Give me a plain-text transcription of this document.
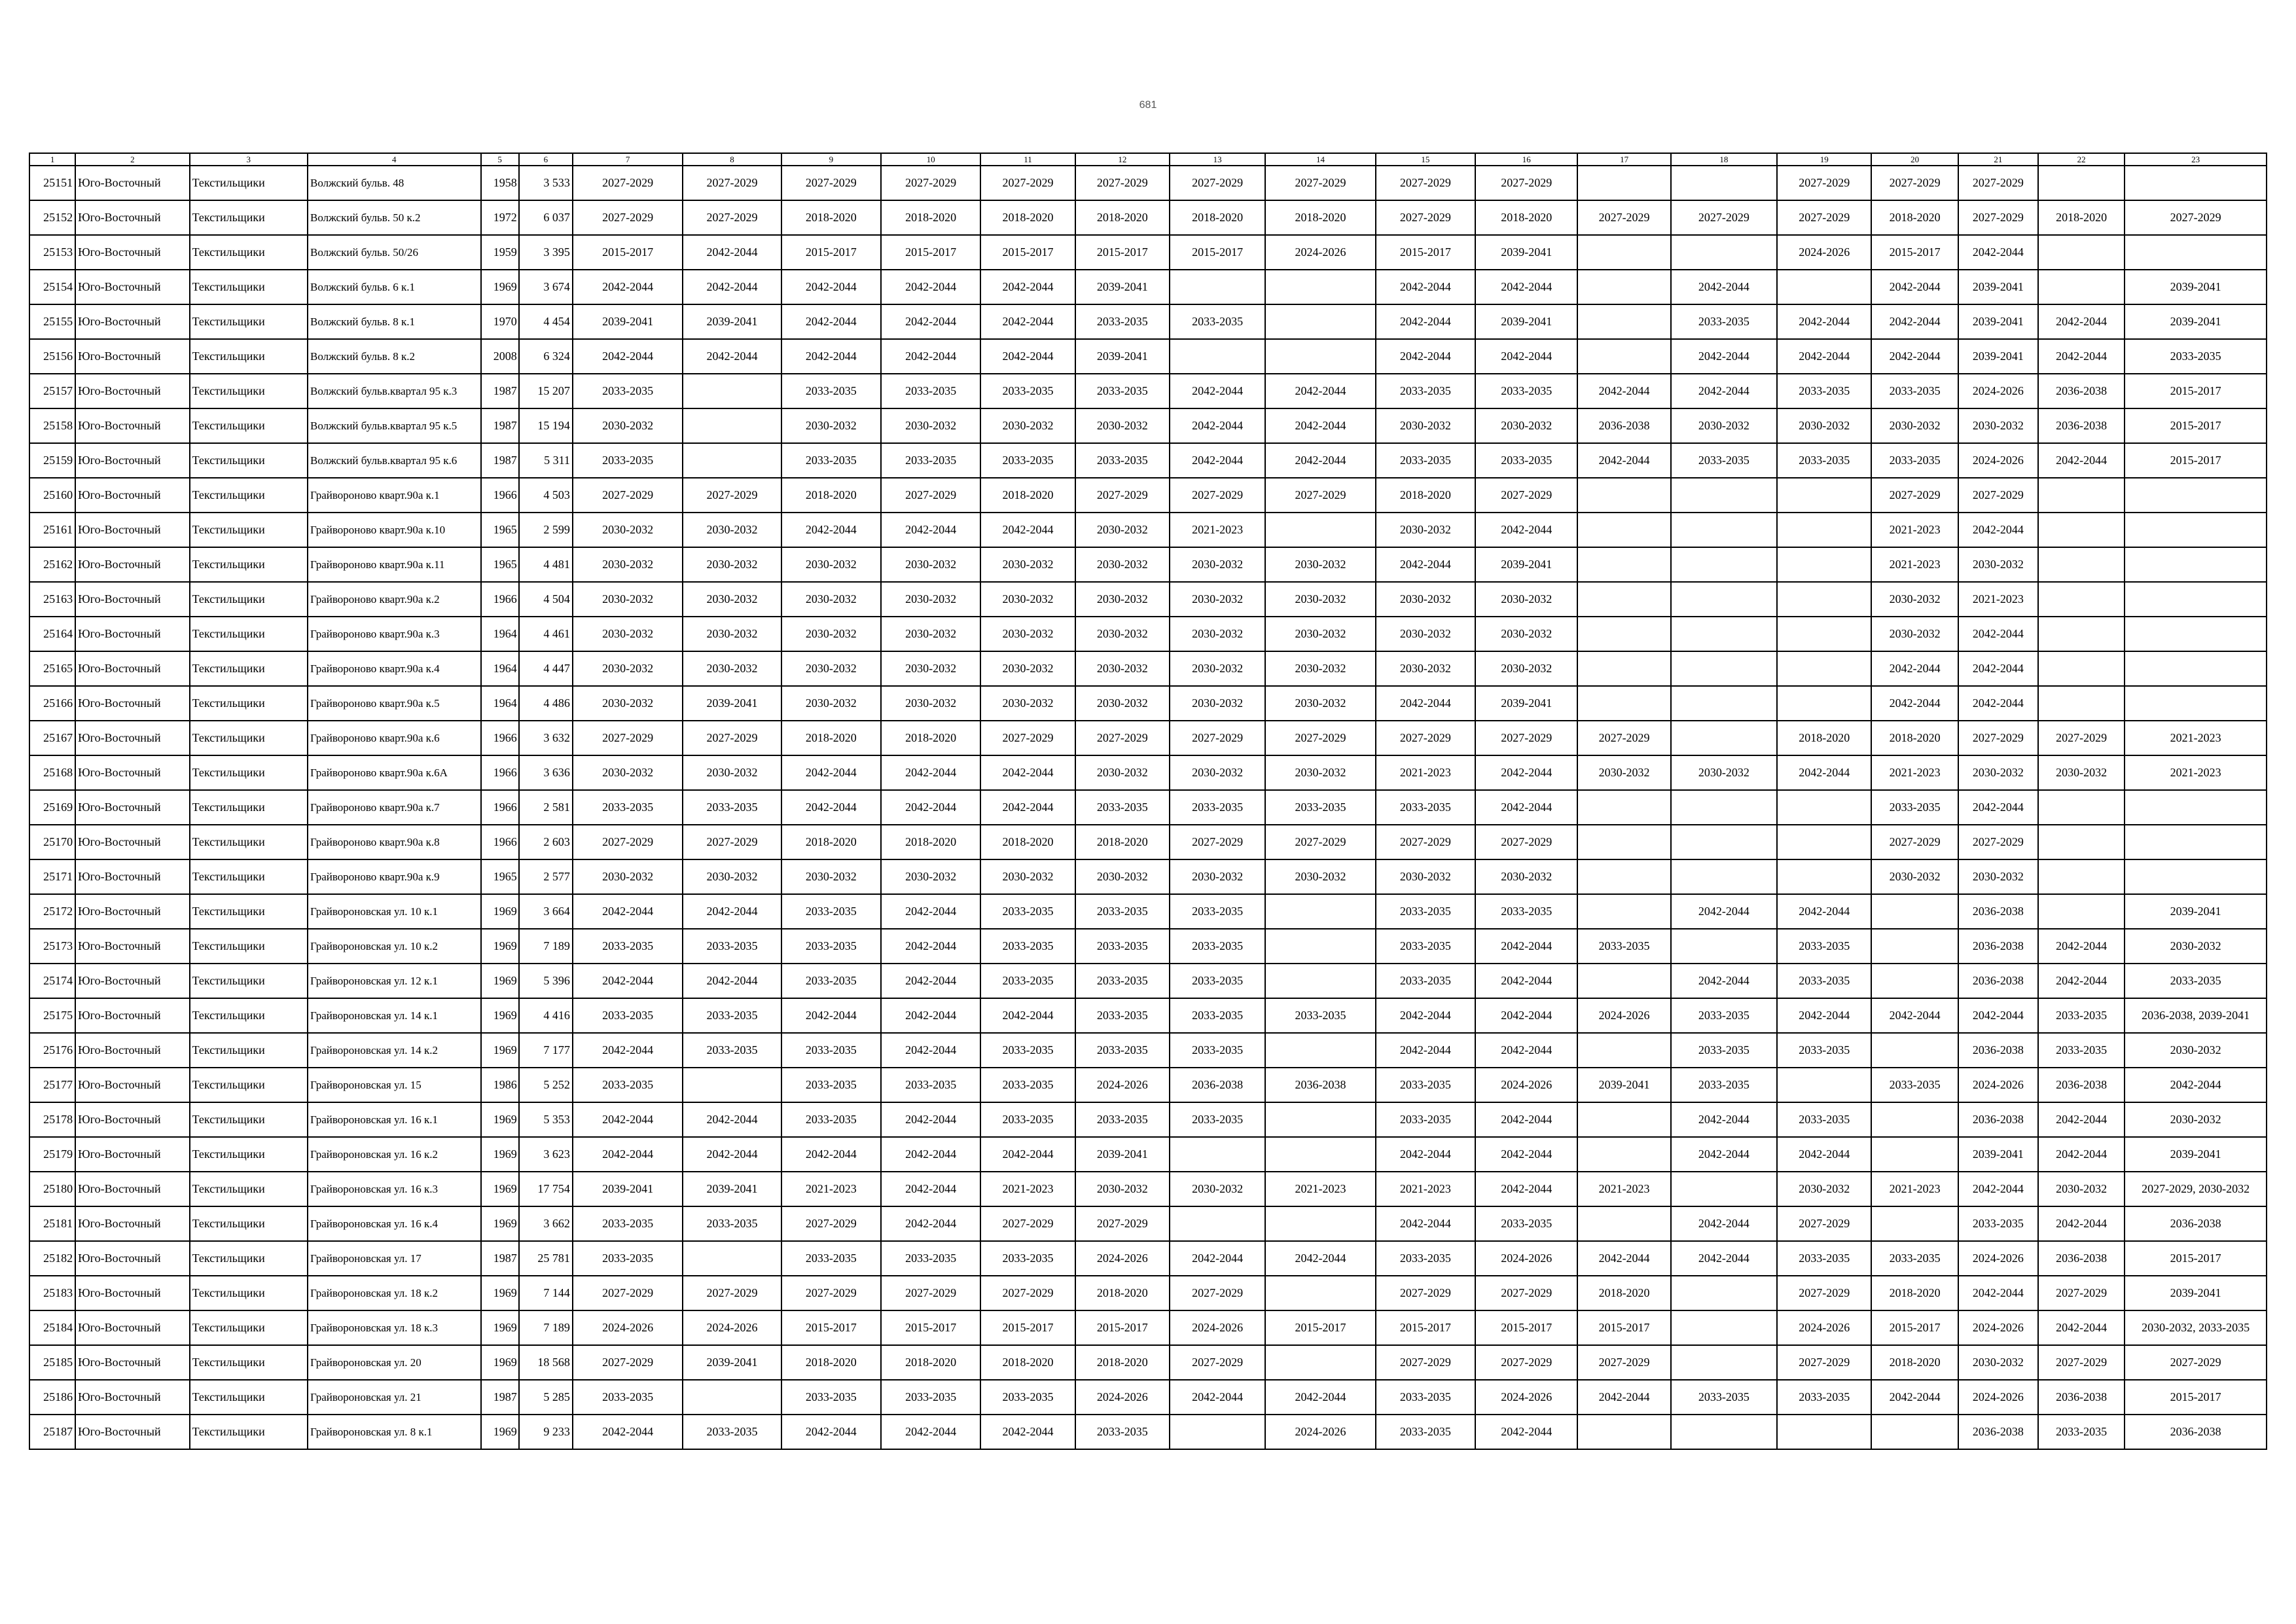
681
1	2	3	4	5	6	7	8	9	10	11	12	13	14	15	16	17	18	19	20	21	22	23
25151	Юго-Восточный	Текстильщики	Волжский бульв. 48	1958	3 533	2027-2029	2027-2029	2027-2029	2027-2029	2027-2029	2027-2029	2027-2029	2027-2029	2027-2029	2027-2029			2027-2029	2027-2029	2027-2029		
25152	Юго-Восточный	Текстильщики	Волжский бульв. 50 к.2	1972	6 037	2027-2029	2027-2029	2018-2020	2018-2020	2018-2020	2018-2020	2018-2020	2018-2020	2027-2029	2018-2020	2027-2029	2027-2029	2027-2029	2018-2020	2027-2029	2018-2020	2027-2029
25153	Юго-Восточный	Текстильщики	Волжский бульв. 50/26	1959	3 395	2015-2017	2042-2044	2015-2017	2015-2017	2015-2017	2015-2017	2015-2017	2024-2026	2015-2017	2039-2041			2024-2026	2015-2017	2042-2044		
25154	Юго-Восточный	Текстильщики	Волжский бульв. 6 к.1	1969	3 674	2042-2044	2042-2044	2042-2044	2042-2044	2042-2044	2039-2041			2042-2044	2042-2044		2042-2044		2042-2044	2039-2041		2039-2041
25155	Юго-Восточный	Текстильщики	Волжский бульв. 8 к.1	1970	4 454	2039-2041	2039-2041	2042-2044	2042-2044	2042-2044	2033-2035	2033-2035		2042-2044	2039-2041		2033-2035	2042-2044	2042-2044	2039-2041	2042-2044	2039-2041
25156	Юго-Восточный	Текстильщики	Волжский бульв. 8 к.2	2008	6 324	2042-2044	2042-2044	2042-2044	2042-2044	2042-2044	2039-2041			2042-2044	2042-2044		2042-2044	2042-2044	2042-2044	2039-2041	2042-2044	2033-2035
25157	Юго-Восточный	Текстильщики	Волжский бульв.квартал 95 к.3	1987	15 207	2033-2035		2033-2035	2033-2035	2033-2035	2033-2035	2042-2044	2042-2044	2033-2035	2033-2035	2042-2044	2042-2044	2033-2035	2033-2035	2024-2026	2036-2038	2015-2017
25158	Юго-Восточный	Текстильщики	Волжский бульв.квартал 95 к.5	1987	15 194	2030-2032		2030-2032	2030-2032	2030-2032	2030-2032	2042-2044	2042-2044	2030-2032	2030-2032	2036-2038	2030-2032	2030-2032	2030-2032	2030-2032	2036-2038	2015-2017
25159	Юго-Восточный	Текстильщики	Волжский бульв.квартал 95 к.6	1987	5 311	2033-2035		2033-2035	2033-2035	2033-2035	2033-2035	2042-2044	2042-2044	2033-2035	2033-2035	2042-2044	2033-2035	2033-2035	2033-2035	2024-2026	2042-2044	2015-2017
25160	Юго-Восточный	Текстильщики	Грайвороново кварт.90а к.1	1966	4 503	2027-2029	2027-2029	2018-2020	2027-2029	2018-2020	2027-2029	2027-2029	2027-2029	2018-2020	2027-2029				2027-2029	2027-2029		
25161	Юго-Восточный	Текстильщики	Грайвороново кварт.90а к.10	1965	2 599	2030-2032	2030-2032	2042-2044	2042-2044	2042-2044	2030-2032	2021-2023		2030-2032	2042-2044				2021-2023	2042-2044		
25162	Юго-Восточный	Текстильщики	Грайвороново кварт.90а к.11	1965	4 481	2030-2032	2030-2032	2030-2032	2030-2032	2030-2032	2030-2032	2030-2032	2030-2032	2042-2044	2039-2041				2021-2023	2030-2032		
25163	Юго-Восточный	Текстильщики	Грайвороново кварт.90а к.2	1966	4 504	2030-2032	2030-2032	2030-2032	2030-2032	2030-2032	2030-2032	2030-2032	2030-2032	2030-2032	2030-2032				2030-2032	2021-2023		
25164	Юго-Восточный	Текстильщики	Грайвороново кварт.90а к.3	1964	4 461	2030-2032	2030-2032	2030-2032	2030-2032	2030-2032	2030-2032	2030-2032	2030-2032	2030-2032	2030-2032				2030-2032	2042-2044		
25165	Юго-Восточный	Текстильщики	Грайвороново кварт.90а к.4	1964	4 447	2030-2032	2030-2032	2030-2032	2030-2032	2030-2032	2030-2032	2030-2032	2030-2032	2030-2032	2030-2032				2042-2044	2042-2044		
25166	Юго-Восточный	Текстильщики	Грайвороново кварт.90а к.5	1964	4 486	2030-2032	2039-2041	2030-2032	2030-2032	2030-2032	2030-2032	2030-2032	2030-2032	2042-2044	2039-2041				2042-2044	2042-2044		
25167	Юго-Восточный	Текстильщики	Грайвороново кварт.90а к.6	1966	3 632	2027-2029	2027-2029	2018-2020	2018-2020	2027-2029	2027-2029	2027-2029	2027-2029	2027-2029	2027-2029	2027-2029		2018-2020	2018-2020	2027-2029	2027-2029	2021-2023
25168	Юго-Восточный	Текстильщики	Грайвороново кварт.90а к.6А	1966	3 636	2030-2032	2030-2032	2042-2044	2042-2044	2042-2044	2030-2032	2030-2032	2030-2032	2021-2023	2042-2044	2030-2032	2030-2032	2042-2044	2021-2023	2030-2032	2030-2032	2021-2023
25169	Юго-Восточный	Текстильщики	Грайвороново кварт.90а к.7	1966	2 581	2033-2035	2033-2035	2042-2044	2042-2044	2042-2044	2033-2035	2033-2035	2033-2035	2033-2035	2042-2044				2033-2035	2042-2044		
25170	Юго-Восточный	Текстильщики	Грайвороново кварт.90а к.8	1966	2 603	2027-2029	2027-2029	2018-2020	2018-2020	2018-2020	2018-2020	2027-2029	2027-2029	2027-2029	2027-2029				2027-2029	2027-2029		
25171	Юго-Восточный	Текстильщики	Грайвороново кварт.90а к.9	1965	2 577	2030-2032	2030-2032	2030-2032	2030-2032	2030-2032	2030-2032	2030-2032	2030-2032	2030-2032	2030-2032				2030-2032	2030-2032		
25172	Юго-Восточный	Текстильщики	Грайвороновская ул. 10 к.1	1969	3 664	2042-2044	2042-2044	2033-2035	2042-2044	2033-2035	2033-2035	2033-2035		2033-2035	2033-2035		2042-2044	2042-2044		2036-2038		2039-2041
25173	Юго-Восточный	Текстильщики	Грайвороновская ул. 10 к.2	1969	7 189	2033-2035	2033-2035	2033-2035	2042-2044	2033-2035	2033-2035	2033-2035		2033-2035	2042-2044	2033-2035		2033-2035		2036-2038	2042-2044	2030-2032
25174	Юго-Восточный	Текстильщики	Грайвороновская ул. 12 к.1	1969	5 396	2042-2044	2042-2044	2033-2035	2042-2044	2033-2035	2033-2035	2033-2035		2033-2035	2042-2044		2042-2044	2033-2035		2036-2038	2042-2044	2033-2035
25175	Юго-Восточный	Текстильщики	Грайвороновская ул. 14 к.1	1969	4 416	2033-2035	2033-2035	2042-2044	2042-2044	2042-2044	2033-2035	2033-2035	2033-2035	2042-2044	2042-2044	2024-2026	2033-2035	2042-2044	2042-2044	2042-2044	2033-2035	2036-2038, 2039-2041
25176	Юго-Восточный	Текстильщики	Грайвороновская ул. 14 к.2	1969	7 177	2042-2044	2033-2035	2033-2035	2042-2044	2033-2035	2033-2035	2033-2035		2042-2044	2042-2044		2033-2035	2033-2035		2036-2038	2033-2035	2030-2032
25177	Юго-Восточный	Текстильщики	Грайвороновская ул. 15	1986	5 252	2033-2035		2033-2035	2033-2035	2033-2035	2024-2026	2036-2038	2036-2038	2033-2035	2024-2026	2039-2041	2033-2035		2033-2035	2024-2026	2036-2038	2042-2044
25178	Юго-Восточный	Текстильщики	Грайвороновская ул. 16 к.1	1969	5 353	2042-2044	2042-2044	2033-2035	2042-2044	2033-2035	2033-2035	2033-2035		2033-2035	2042-2044		2042-2044	2033-2035		2036-2038	2042-2044	2030-2032
25179	Юго-Восточный	Текстильщики	Грайвороновская ул. 16 к.2	1969	3 623	2042-2044	2042-2044	2042-2044	2042-2044	2042-2044	2039-2041			2042-2044	2042-2044		2042-2044	2042-2044		2039-2041	2042-2044	2039-2041
25180	Юго-Восточный	Текстильщики	Грайвороновская ул. 16 к.3	1969	17 754	2039-2041	2039-2041	2021-2023	2042-2044	2021-2023	2030-2032	2030-2032	2021-2023	2021-2023	2042-2044	2021-2023		2030-2032	2021-2023	2042-2044	2030-2032	2027-2029, 2030-2032
25181	Юго-Восточный	Текстильщики	Грайвороновская ул. 16 к.4	1969	3 662	2033-2035	2033-2035	2027-2029	2042-2044	2027-2029	2027-2029			2042-2044	2033-2035		2042-2044	2027-2029		2033-2035	2042-2044	2036-2038
25182	Юго-Восточный	Текстильщики	Грайвороновская ул. 17	1987	25 781	2033-2035		2033-2035	2033-2035	2033-2035	2024-2026	2042-2044	2042-2044	2033-2035	2024-2026	2042-2044	2042-2044	2033-2035	2033-2035	2024-2026	2036-2038	2015-2017
25183	Юго-Восточный	Текстильщики	Грайвороновская ул. 18 к.2	1969	7 144	2027-2029	2027-2029	2027-2029	2027-2029	2027-2029	2018-2020	2027-2029		2027-2029	2027-2029	2018-2020		2027-2029	2018-2020	2042-2044	2027-2029	2039-2041
25184	Юго-Восточный	Текстильщики	Грайвороновская ул. 18 к.3	1969	7 189	2024-2026	2024-2026	2015-2017	2015-2017	2015-2017	2015-2017	2024-2026	2015-2017	2015-2017	2015-2017	2015-2017		2024-2026	2015-2017	2024-2026	2042-2044	2030-2032, 2033-2035
25185	Юго-Восточный	Текстильщики	Грайвороновская ул. 20	1969	18 568	2027-2029	2039-2041	2018-2020	2018-2020	2018-2020	2018-2020	2027-2029		2027-2029	2027-2029	2027-2029		2027-2029	2018-2020	2030-2032	2027-2029	2027-2029
25186	Юго-Восточный	Текстильщики	Грайвороновская ул. 21	1987	5 285	2033-2035		2033-2035	2033-2035	2033-2035	2024-2026	2042-2044	2042-2044	2033-2035	2024-2026	2042-2044	2033-2035	2033-2035	2042-2044	2024-2026	2036-2038	2015-2017
25187	Юго-Восточный	Текстильщики	Грайвороновская ул. 8 к.1	1969	9 233	2042-2044	2033-2035	2042-2044	2042-2044	2042-2044	2033-2035		2024-2026	2033-2035	2042-2044					2036-2038	2033-2035	2036-2038
